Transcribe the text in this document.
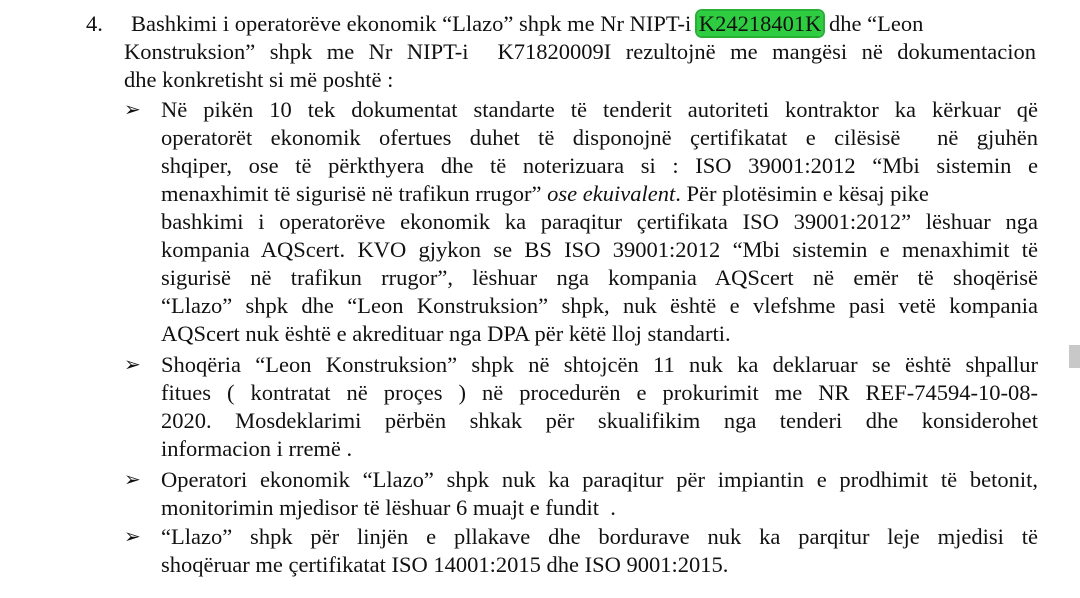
4. Bashkimi i operatorëve ekonomik “Llazo” shpk me Nr NIPT-i K24218401K dhe “Leon
Konstruksion” shpk me Nr NIPT-i  K71820009I rezultojnë me mangësi në dokumentacion
dhe konkretisht si më poshtë :
➢ Në pikën 10 tek dokumentat standarte të tenderit autoriteti kontraktor ka kërkuar që
operatorët ekonomik ofertues duhet të disponojnë çertifikatat e cilësisë  në gjuhën
shqiper, ose të përkthyera dhe të noterizuara si : ISO 39001:2012 “Mbi sistemin e
menaxhimit të sigurisë në trafikun rrugor” ose ekuivalent. Për plotësimin e kësaj pike
bashkimi i operatorëve ekonomik ka paraqitur çertifikata ISO 39001:2012” lëshuar nga
kompania AQScert. KVO gjykon se BS ISO 39001:2012 “Mbi sistemin e menaxhimit të
sigurisë në trafikun rrugor”, lëshuar nga kompania AQScert në emër të shoqërisë
“Llazo” shpk dhe “Leon Konstruksion” shpk, nuk është e vlefshme pasi vetë kompania
AQScert nuk është e akredituar nga DPA për këtë lloj standarti.
➢ Shoqëria “Leon Konstruksion” shpk në shtojcën 11 nuk ka deklaruar se është shpallur
fitues ( kontratat në proçes ) në procedurën e prokurimit me NR REF-74594-10-08-
2020. Mosdeklarimi përbën shkak për skualifikim nga tenderi dhe konsiderohet
informacion i rremë .
➢ Operatori ekonomik “Llazo” shpk nuk ka paraqitur për impiantin e prodhimit të betonit,
monitorimin mjedisor të lëshuar 6 muajt e fundit  .
➢ “Llazo” shpk për linjën e pllakave dhe bordurave nuk ka parqitur leje mjedisi të
shoqëruar me çertifikatat ISO 14001:2015 dhe ISO 9001:2015.
